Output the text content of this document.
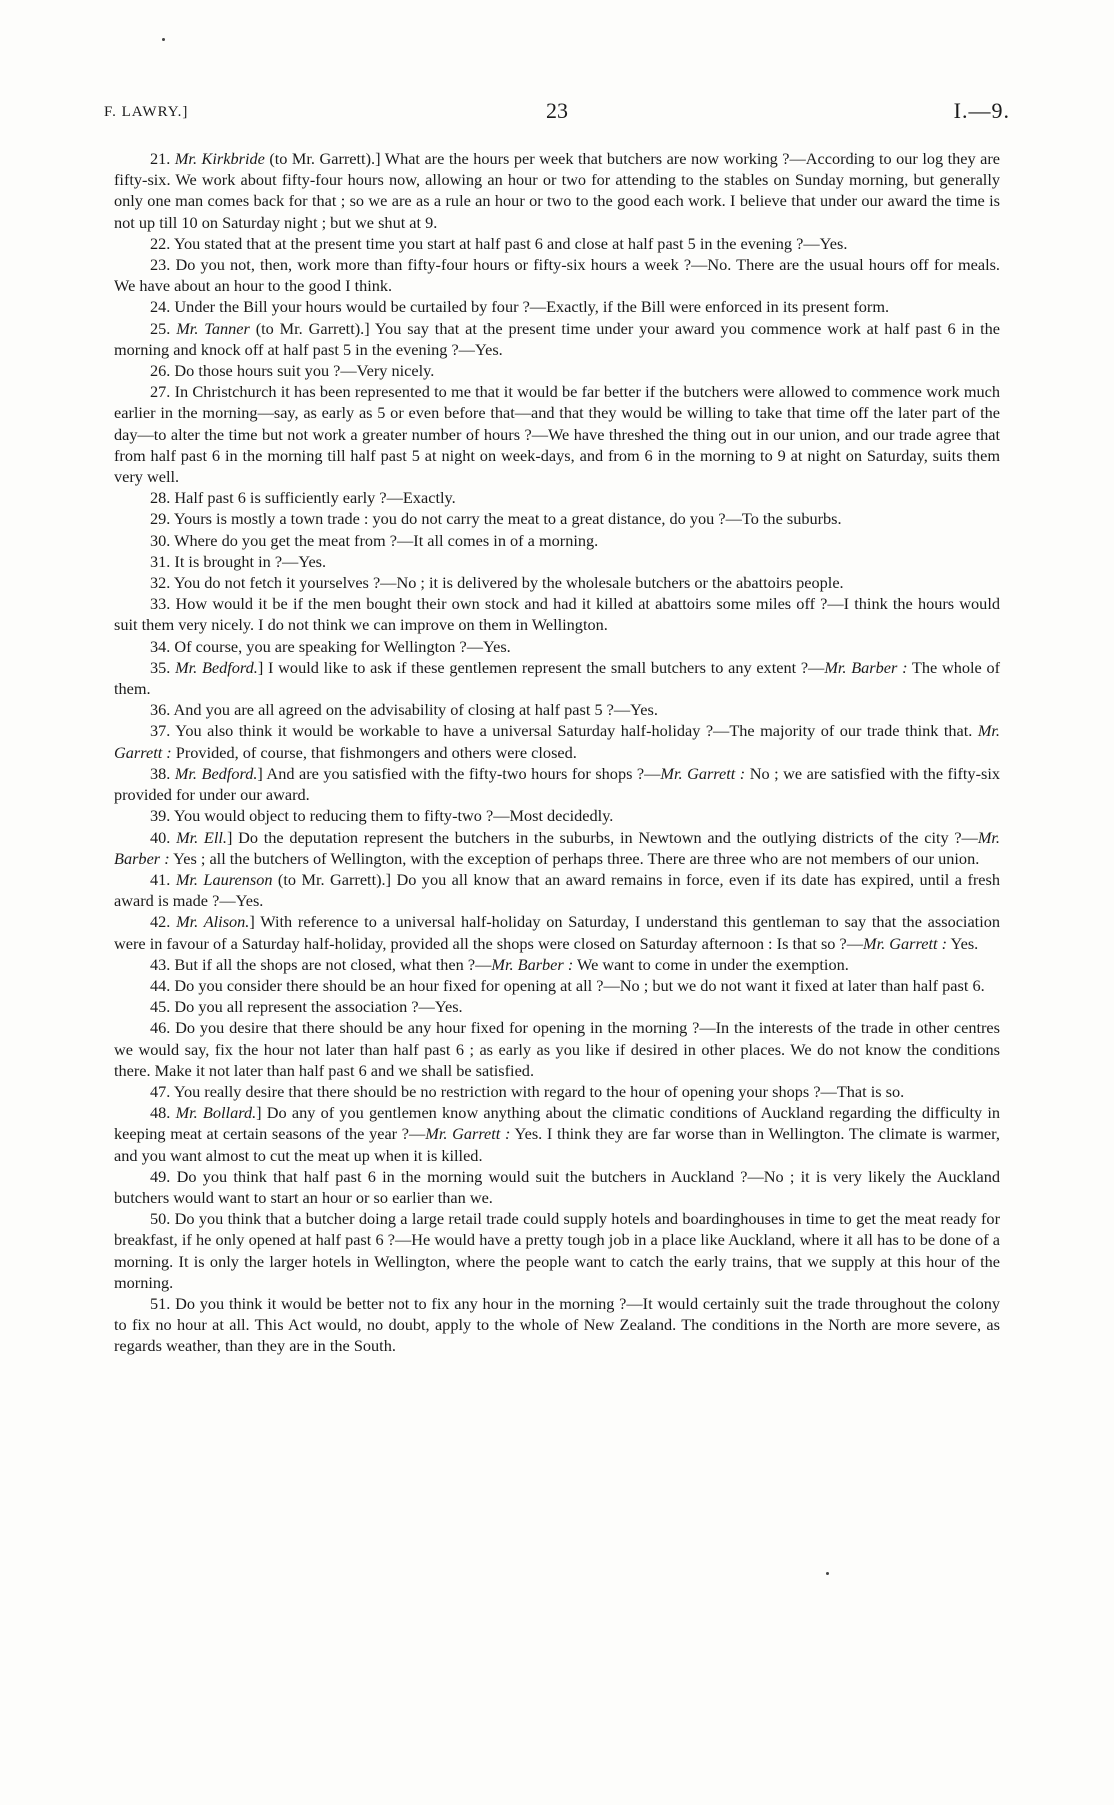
F. LAWRY.]	23	I.—9.

21. Mr. Kirkbride (to Mr. Garrett).] What are the hours per week that butchers are now working ?—According to our log they are fifty-six. We work about fifty-four hours now, allowing an hour or two for attending to the stables on Sunday morning, but generally only one man comes back for that ; so we are as a rule an hour or two to the good each work. I believe that under our award the time is not up till 10 on Saturday night ; but we shut at 9.

22. You stated that at the present time you start at half past 6 and close at half past 5 in the evening ?—Yes.

23. Do you not, then, work more than fifty-four hours or fifty-six hours a week ?—No. There are the usual hours off for meals. We have about an hour to the good I think.

24. Under the Bill your hours would be curtailed by four ?—Exactly, if the Bill were enforced in its present form.

25. Mr. Tanner (to Mr. Garrett).] You say that at the present time under your award you commence work at half past 6 in the morning and knock off at half past 5 in the evening ?—Yes.

26. Do those hours suit you ?—Very nicely.

27. In Christchurch it has been represented to me that it would be far better if the butchers were allowed to commence work much earlier in the morning—say, as early as 5 or even before that—and that they would be willing to take that time off the later part of the day—to alter the time but not work a greater number of hours ?—We have threshed the thing out in our union, and our trade agree that from half past 6 in the morning till half past 5 at night on week-days, and from 6 in the morning to 9 at night on Saturday, suits them very well.

28. Half past 6 is sufficiently early ?—Exactly.

29. Yours is mostly a town trade : you do not carry the meat to a great distance, do you ?—To the suburbs.

30. Where do you get the meat from ?—It all comes in of a morning.

31. It is brought in ?—Yes.

32. You do not fetch it yourselves ?—No ; it is delivered by the wholesale butchers or the abattoirs people.

33. How would it be if the men bought their own stock and had it killed at abattoirs some miles off ?—I think the hours would suit them very nicely. I do not think we can improve on them in Wellington.

34. Of course, you are speaking for Wellington ?—Yes.

35. Mr. Bedford.] I would like to ask if these gentlemen represent the small butchers to any extent ?—Mr. Barber : The whole of them.

36. And you are all agreed on the advisability of closing at half past 5 ?—Yes.

37. You also think it would be workable to have a universal Saturday half-holiday ?—The majority of our trade think that. Mr. Garrett : Provided, of course, that fishmongers and others were closed.

38. Mr. Bedford.] And are you satisfied with the fifty-two hours for shops ?—Mr. Garrett : No ; we are satisfied with the fifty-six provided for under our award.

39. You would object to reducing them to fifty-two ?—Most decidedly.

40. Mr. Ell.] Do the deputation represent the butchers in the suburbs, in Newtown and the outlying districts of the city ?—Mr. Barber : Yes ; all the butchers of Wellington, with the exception of perhaps three. There are three who are not members of our union.

41. Mr. Laurenson (to Mr. Garrett).] Do you all know that an award remains in force, even if its date has expired, until a fresh award is made ?—Yes.

42. Mr. Alison.] With reference to a universal half-holiday on Saturday, I understand this gentleman to say that the association were in favour of a Saturday half-holiday, provided all the shops were closed on Saturday afternoon : Is that so ?—Mr. Garrett : Yes.

43. But if all the shops are not closed, what then ?—Mr. Barber : We want to come in under the exemption.

44. Do you consider there should be an hour fixed for opening at all ?—No ; but we do not want it fixed at later than half past 6.

45. Do you all represent the association ?—Yes.

46. Do you desire that there should be any hour fixed for opening in the morning ?—In the interests of the trade in other centres we would say, fix the hour not later than half past 6 ; as early as you like if desired in other places. We do not know the conditions there. Make it not later than half past 6 and we shall be satisfied.

47. You really desire that there should be no restriction with regard to the hour of opening your shops ?—That is so.

48. Mr. Bollard.] Do any of you gentlemen know anything about the climatic conditions of Auckland regarding the difficulty in keeping meat at certain seasons of the year ?—Mr. Garrett : Yes. I think they are far worse than in Wellington. The climate is warmer, and you want almost to cut the meat up when it is killed.

49. Do you think that half past 6 in the morning would suit the butchers in Auckland ?—No ; it is very likely the Auckland butchers would want to start an hour or so earlier than we.

50. Do you think that a butcher doing a large retail trade could supply hotels and boardinghouses in time to get the meat ready for breakfast, if he only opened at half past 6 ?—He would have a pretty tough job in a place like Auckland, where it all has to be done of a morning. It is only the larger hotels in Wellington, where the people want to catch the early trains, that we supply at this hour of the morning.

51. Do you think it would be better not to fix any hour in the morning ?—It would certainly suit the trade throughout the colony to fix no hour at all. This Act would, no doubt, apply to the whole of New Zealand. The conditions in the North are more severe, as regards weather, than they are in the South.
